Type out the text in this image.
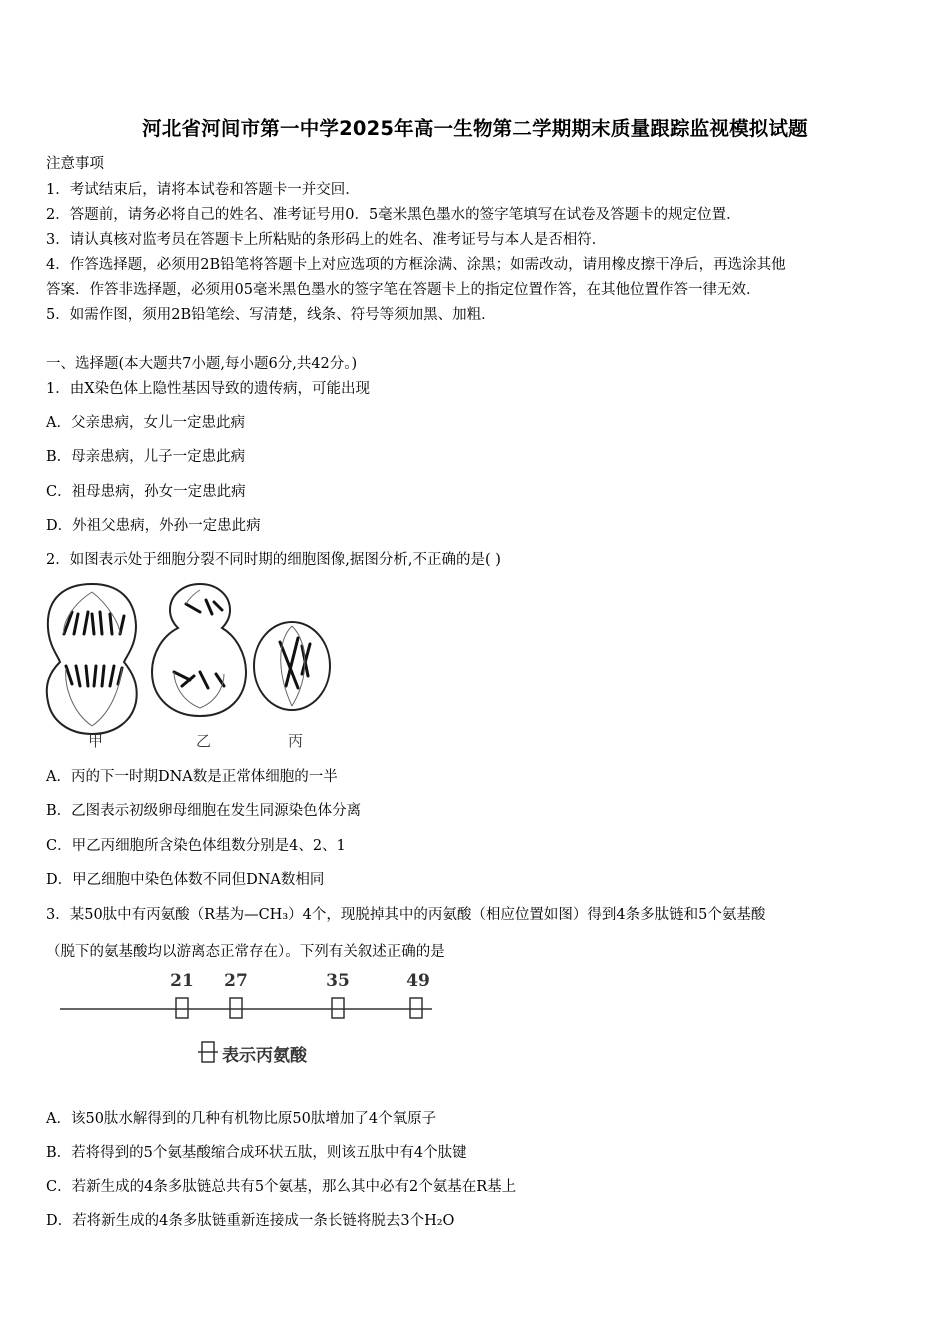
河北省河间市第一中学2025年高一生物第二学期期末质量跟踪监视模拟试题
注意事项
1．考试结束后，请将本试卷和答题卡一并交回．
2．答题前，请务必将自己的姓名、准考证号用0．5毫米黑色墨水的签字笔填写在试卷及答题卡的规定位置．
3．请认真核对监考员在答题卡上所粘贴的条形码上的姓名、准考证号与本人是否相符．
4．作答选择题，必须用2B铅笔将答题卡上对应选项的方框涂满、涂黑；如需改动，请用橡皮擦干净后，再选涂其他
答案．作答非选择题，必须用05毫米黑色墨水的签字笔在答题卡上的指定位置作答，在其他位置作答一律无效．
5．如需作图，须用2B铅笔绘、写清楚，线条、符号等须加黑、加粗．
一、选择题(本大题共7小题,每小题6分,共42分。)
1．由X染色体上隐性基因导致的遗传病，可能出现
A．父亲患病，女儿一定患此病
B．母亲患病，儿子一定患此病
C．祖母患病，孙女一定患此病
D．外祖父患病，外孙一定患此病
2．如图表示处于细胞分裂不同时期的细胞图像,据图分析,不正确的是( )
甲	乙	丙
A．丙的下一时期DNA数是正常体细胞的一半
B．乙图表示初级卵母细胞在发生同源染色体分离
C．甲乙丙细胞所含染色体组数分别是4、2、1
D．甲乙细胞中染色体数不同但DNA数相同
3．某50肽中有丙氨酸（R基为—CH₃）4个，现脱掉其中的丙氨酸（相应位置如图）得到4条多肽链和5个氨基酸
（脱下的氨基酸均以游离态正常存在）。下列有关叙述正确的是
21 27	35	49
表示丙氨酸
A．该50肽水解得到的几种有机物比原50肽增加了4个氧原子
B．若将得到的5个氨基酸缩合成环状五肽，则该五肽中有4个肽键
C．若新生成的4条多肽链总共有5个氨基，那么其中必有2个氨基在R基上
D．若将新生成的4条多肽链重新连接成一条长链将脱去3个H₂O
